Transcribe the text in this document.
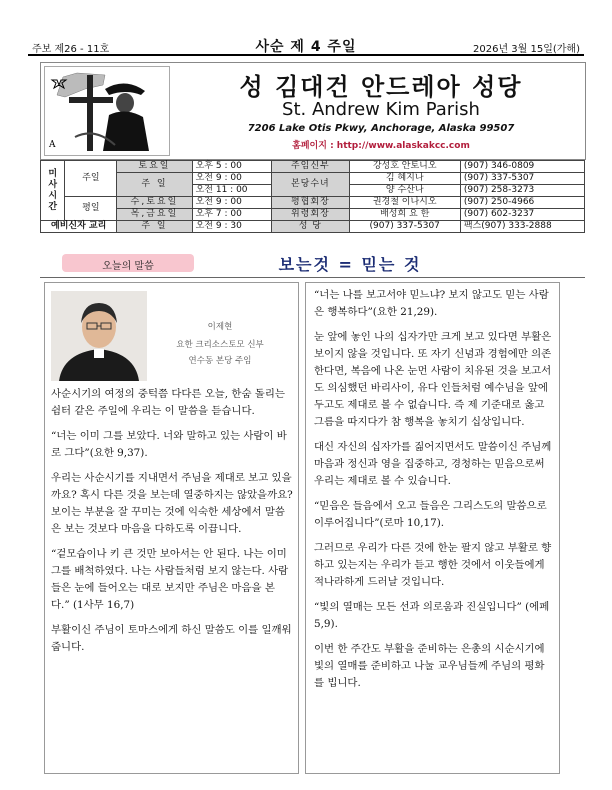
주보 제26 - 11호	사순 제 4 주일	2026년 3월 15일(가해)
A
성 김대건 안드레아 성당
St. Andrew Kim Parish
7206 Lake Otis Pkwy, Anchorage, Alaska 99507
홈페이지 : http://www.alaskakcc.com
미
사
시
간	주일	토요일	오후 5 : 00	주임신부	강성호 안토니오	(907) 346-0809
		주 일	오전 9 : 00	본당수녀	김 혜지나	(907) 337-5307
			오전 11 : 00		양 수산나	(907) 258-3273
	평일	수,토요일	오전 9 : 00	평협회장	권경철 이나시오	(907) 250-4966
		목,금요일	오후 7 : 00	위령회장	배성희 요 한	(907) 602-3237
예비신자 교리		주 일	오전 9 : 30	성 당	(907) 337-5307	팩스(907) 333-2888
오늘의 말씀	보는것 = 믿는 것
이제현
요한 크리소스토모 신부
연수동 본당 주임

사순시기의 여정의 중턱쯤 다다른 오늘, 한숨 돌리는 쉼터 같은 주일에 우리는 이 말씀을 듣습니다.

“너는 이미 그를 보았다. 너와 말하고 있는 사람이 바로 그다”(요한 9,37).

우리는 사순시기를 지내면서 주님을 제대로 보고 있을까요? 혹시 다른 것을 보는데 열중하지는 않았을까요? 보이는 부분을 잘 꾸미는 것에 익숙한 세상에서 말씀은 보는 것보다 마음을 다하도록 이끕니다.

“겉모습이나 키 큰 것만 보아서는 안 된다. 나는 이미 그를 배척하였다. 나는 사람들처럼 보지 않는다. 사람들은 눈에 들어오는 대로 보지만 주님은 마음을 본다.” (1사무 16,7)

부활이신 주님이 토마스에게 하신 말씀도 이를 일깨워줍니다.

“너는 나를 보고서야 믿느냐? 보지 않고도 믿는 사람은 행복하다”(요한 21,29).

눈 앞에 놓인 나의 십자가만 크게 보고 있다면 부활은 보이지 않을 것입니다. 또 자기 신념과 경험에만 의존한다면, 복음에 나온 눈먼 사람이 치유된 것을 보고서도 의심했던 바리사이, 유다 인들처럼 예수님을 앞에 두고도 제대로 볼 수 없습니다. 즉 제 기준대로 옳고 그름을 따지다가 참 행복을 놓치기 십상입니다.

대신 자신의 십자가를 짊어지면서도 말씀이신 주님께 마음과 정신과 영을 집중하고, 경청하는 믿음으로써 우리는 제대로 볼 수 있습니다.

“믿음은 들음에서 오고 들음은 그리스도의 말씀으로 이루어집니다”(로마 10,17).

그러므로 우리가 다른 것에 한눈 팔지 않고 부활로 향하고 있는지는 우리가 듣고 행한 것에서 이웃들에게 적나라하게 드러날 것입니다.

“빛의 열매는 모든 선과 의로움과 진실입니다” (에페 5,9).

이번 한 주간도 부활을 준비하는 은총의 시순시기에 빛의 열매를 준비하고 나눌 교우님들께 주님의 평화를 빕니다.
